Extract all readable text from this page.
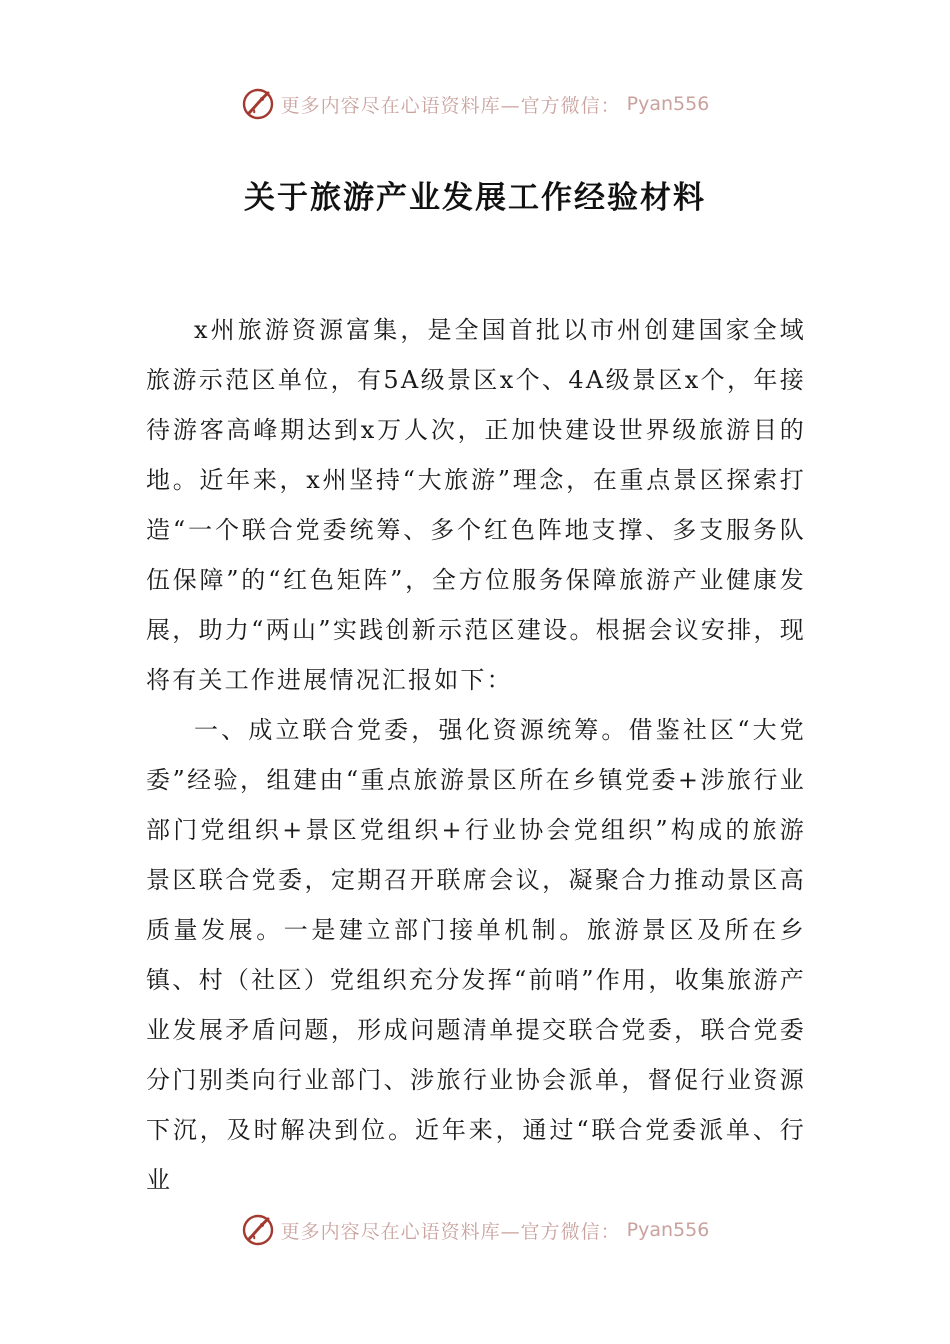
更多内容尽在心语资料库—官方微信： Pyan556
关于旅游产业发展工作经验材料

x州旅游资源富集，是全国首批以市州创建国家全域旅游示范区单位，有5A级景区x个、4A级景区x个，年接待游客高峰期达到x万人次，正加快建设世界级旅游目的地。近年来，x州坚持“大旅游”理念，在重点景区探索打造“一个联合党委统筹、多个红色阵地支撑、多支服务队伍保障”的“红色矩阵”，全方位服务保障旅游产业健康发展，助力“两山”实践创新示范区建设。根据会议安排，现将有关工作进展情况汇报如下：

一、成立联合党委，强化资源统筹。借鉴社区“大党委”经验，组建由“重点旅游景区所在乡镇党委+涉旅行业部门党组织+景区党组织+行业协会党组织”构成的旅游景区联合党委，定期召开联席会议，凝聚合力推动景区高质量发展。一是建立部门接单机制。旅游景区及所在乡镇、村（社区）党组织充分发挥“前哨”作用，收集旅游产业发展矛盾问题，形成问题清单提交联合党委，联合党委分门别类向行业部门、涉旅行业协会派单，督促行业资源下沉，及时解决到位。近年来，通过“联合党委派单、行业

更多内容尽在心语资料库—官方微信： Pyan556
